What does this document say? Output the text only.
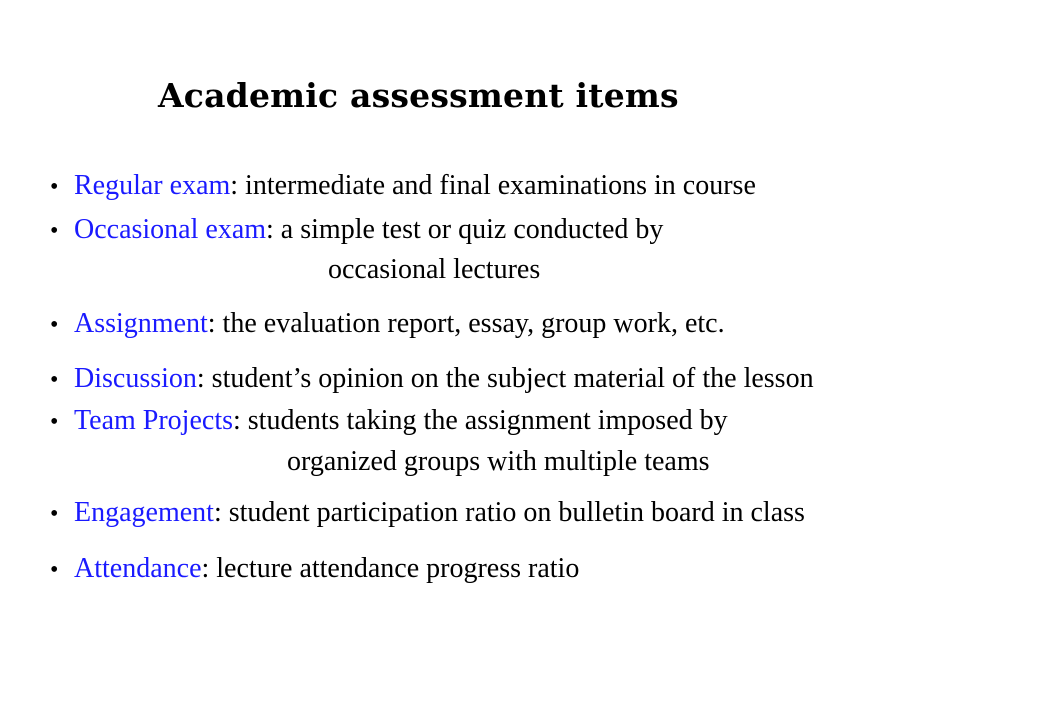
Academic assessment items
• Regular exam: intermediate and final examinations in course
• Occasional exam: a simple test or quiz conducted by
occasional lectures
• Assignment: the evaluation report, essay, group work, etc.
• Discussion: student’s opinion on the subject material of the lesson
• Team Projects: students taking the assignment imposed by
organized groups with multiple teams
• Engagement: student participation ratio on bulletin board in class
• Attendance: lecture attendance progress ratio
